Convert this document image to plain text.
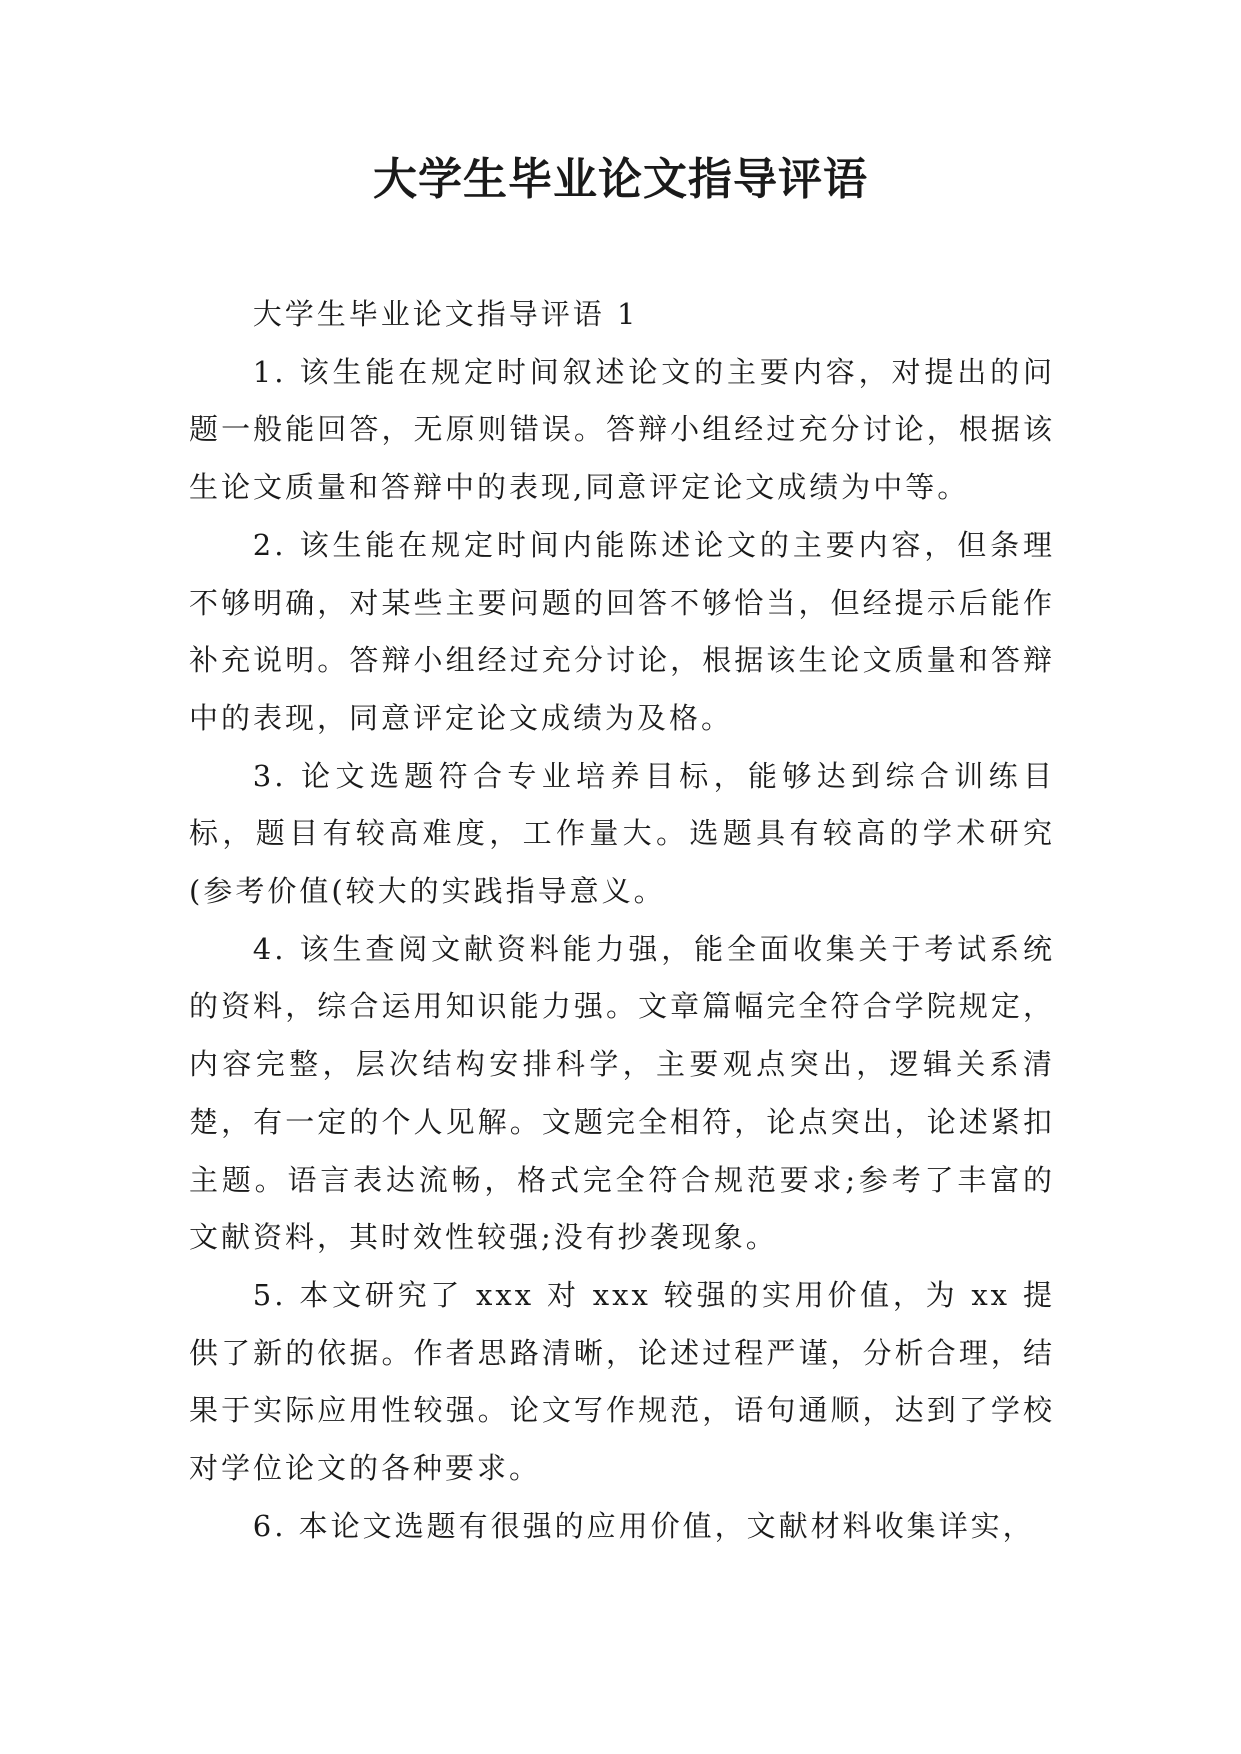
大学生毕业论文指导评语

大学生毕业论文指导评语 1

1. 该生能在规定时间叙述论文的主要内容，对提出的问题一般能回答，无原则错误。答辩小组经过充分讨论，根据该生论文质量和答辩中的表现,同意评定论文成绩为中等。

2. 该生能在规定时间内能陈述论文的主要内容，但条理不够明确，对某些主要问题的回答不够恰当，但经提示后能作补充说明。答辩小组经过充分讨论，根据该生论文质量和答辩中的表现，同意评定论文成绩为及格。

3. 论文选题符合专业培养目标，能够达到综合训练目标，题目有较高难度，工作量大。选题具有较高的学术研究(参考价值(较大的实践指导意义。

4. 该生查阅文献资料能力强，能全面收集关于考试系统的资料，综合运用知识能力强。文章篇幅完全符合学院规定，内容完整，层次结构安排科学，主要观点突出，逻辑关系清楚，有一定的个人见解。文题完全相符，论点突出，论述紧扣主题。语言表达流畅，格式完全符合规范要求;参考了丰富的文献资料，其时效性较强;没有抄袭现象。

5. 本文研究了 xxx 对 xxx 较强的实用价值，为 xx 提供了新的依据。作者思路清晰，论述过程严谨，分析合理，结果于实际应用性较强。论文写作规范，语句通顺，达到了学校对学位论文的各种要求。

6. 本论文选题有很强的应用价值，文献材料收集详实，
